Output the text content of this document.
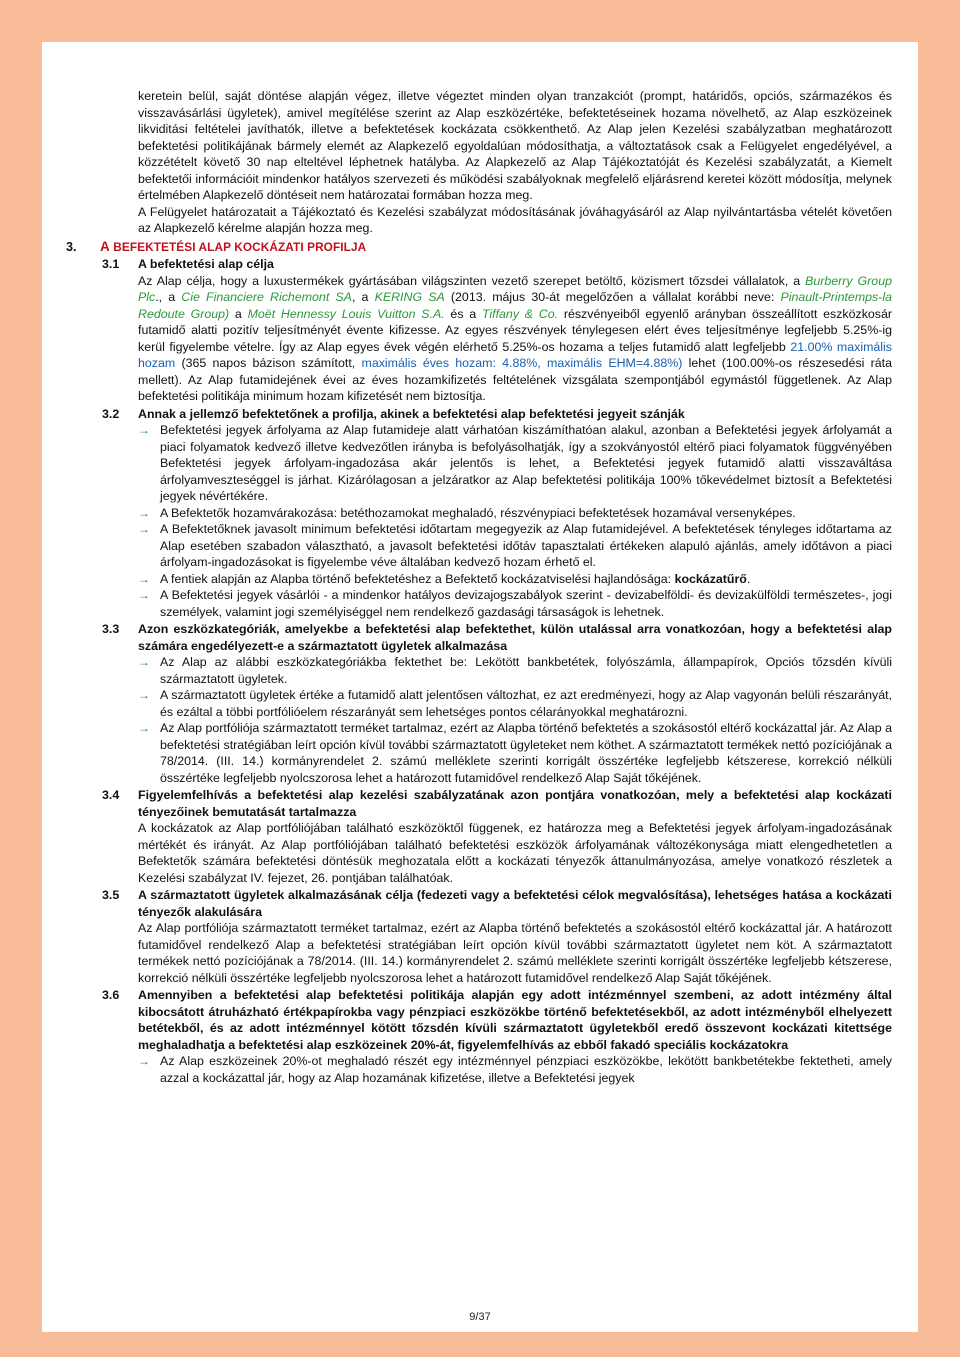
keretein belül, saját döntése alapján végez, illetve végeztet minden olyan tranzakciót (prompt, határidős, opciós, származékos és visszavásárlási ügyletek), amivel megítélése szerint az Alap eszközértéke, befektetéseinek hozama növelhető, az Alap eszközeinek likviditási feltételei javíthatók, illetve a befektetések kockázata csökkenthető. Az Alap jelen Kezelési szabályzatban meghatározott befektetési politikájának bármely elemét az Alapkezelő egyoldalúan módosíthatja, a változtatások csak a Felügyelet engedélyével, a közzétételt követő 30 nap elteltével léphetnek hatályba. Az Alapkezelő az Alap Tájékoztatóját és Kezelési szabályzatát, a Kiemelt befektetői információit mindenkor hatályos szervezeti és működési szabályoknak megfelelő eljárásrend keretei között módosítja, melynek értelmében Alapkezelő döntéseit nem határozatai formában hozza meg.

A Felügyelet határozatait a Tájékoztató és Kezelési szabályzat módosításának jóváhagyásáról az Alap nyilvántartásba vételét követően az Alapkezelő kérelme alapján hozza meg.

3. A BEFEKTETÉSI ALAP KOCKÁZATI PROFILJA
3.1 A befektetési alap célja

Az Alap célja, hogy a luxustermékek gyártásában világszinten vezető szerepet betöltő, közismert tőzsdei vállalatok, a Burberry Group Plc., a Cie Financiere Richemont SA, a KERING SA (2013. május 30-át megelőzően a vállalat korábbi neve: Pinault-Printemps-la Redoute Group) a Moët Hennessy Louis Vuitton S.A. és a Tiffany & Co. részvényeiből egyenlő arányban összeállított eszközkosár futamidő alatti pozitív teljesítményét évente kifizesse. Az egyes részvények ténylegesen elért éves teljesítménye legfeljebb 5.25%-ig kerül figyelembe vételre. Így az Alap egyes évek végén elérhető 5.25%-os hozama a teljes futamidő alatt legfeljebb 21.00% maximális hozam (365 napos bázison számított, maximális éves hozam: 4.88%, maximális EHM=4.88%) lehet (100.00%-os részesedési ráta mellett). Az Alap futamidejének évei az éves hozamkifizetés feltételének vizsgálata szempontjából egymástól függetlenek. Az Alap befektetési politikája minimum hozam kifizetését nem biztosítja.

3.2 Annak a jellemző befektetőnek a profilja, akinek a befektetési alap befektetési jegyeit szánják
→ Befektetési jegyek árfolyama az Alap futamideje alatt várhatóan kiszámíthatóan alakul, azonban a Befektetési jegyek árfolyamát a piaci folyamatok kedvező illetve kedvezőtlen irányba is befolyásolhatják, így a szokványostól eltérő piaci folyamatok függvényében Befektetési jegyek árfolyam-ingadozása akár jelentős is lehet, a Befektetési jegyek futamidő alatti visszaváltása árfolyamveszteséggel is járhat. Kizárólagosan a jelzáratkor az Alap befektetési politikája 100% tőkevédelmet biztosít a Befektetési jegyek névértékére.
→ A Befektetők hozamvárakozása: betéthozamokat meghaladó, részvénypiaci befektetések hozamával versenyképes.
→ A Befektetőknek javasolt minimum befektetési időtartam megegyezik az Alap futamidejével. A befektetések tényleges időtartama az Alap esetében szabadon választható, a javasolt befektetési időtáv tapasztalati értékeken alapuló ajánlás, amely időtávon a piaci árfolyam-ingadozásokat is figyelembe véve általában kedvező hozam érhető el.
→ A fentiek alapján az Alapba történő befektetéshez a Befektető kockázatviselési hajlandósága: kockázatűrő.
→ A Befektetési jegyek vásárlói - a mindenkor hatályos devizajogszabályok szerint - devizabelföldi- és devizakülföldi természetes-, jogi személyek, valamint jogi személyiséggel nem rendelkező gazdasági társaságok is lehetnek.
3.3 Azon eszközkategóriák, amelyekbe a befektetési alap befektethet, külön utalással arra vonatkozóan, hogy a befektetési alap számára engedélyezett-e a származtatott ügyletek alkalmazása
→ Az Alap az alábbi eszközkategóriákba fektethet be: Lekötött bankbetétek, folyószámla, állampapírok, Opciós tőzsdén kívüli származtatott ügyletek.
→ A származtatott ügyletek értéke a futamidő alatt jelentősen változhat, ez azt eredményezi, hogy az Alap vagyonán belüli részarányát, és ezáltal a többi portfólióelem részarányát sem lehetséges pontos célarányokkal meghatározni.
→ Az Alap portfóliója származtatott terméket tartalmaz, ezért az Alapba történő befektetés a szokásostól eltérő kockázattal jár. Az Alap a befektetési stratégiában leírt opción kívül további származtatott ügyleteket nem köthet. A származtatott termékek nettó pozíciójának a 78/2014. (III. 14.) kormányrendelet 2. számú melléklete szerinti korrigált összértéke legfeljebb kétszerese, korrekció nélküli összértéke legfeljebb nyolcszorosa lehet a határozott futamidővel rendelkező Alap Saját tőkéjének.
3.4 Figyelemfelhívás a befektetési alap kezelési szabályzatának azon pontjára vonatkozóan, mely a befektetési alap kockázati tényezőinek bemutatását tartalmazza

A kockázatok az Alap portfóliójában található eszközöktől függenek, ez határozza meg a Befektetési jegyek árfolyam-ingadozásának mértékét és irányát. Az Alap portfóliójában található befektetési eszközök árfolyamának változékonysága miatt elengedhetetlen a Befektetők számára befektetési döntésük meghozatala előtt a kockázati tényezők áttanulmányozása, amelye vonatkozó részletek a Kezelési szabályzat IV. fejezet, 26. pontjában találhatóak.

3.5 A származtatott ügyletek alkalmazásának célja (fedezeti vagy a befektetési célok megvalósítása), lehetséges hatása a kockázati tényezők alakulására

Az Alap portfóliója származtatott terméket tartalmaz, ezért az Alapba történő befektetés a szokásostól eltérő kockázattal jár. A határozott futamidővel rendelkező Alap a befektetési stratégiában leírt opción kívül további származtatott ügyletet nem köt. A származtatott termékek nettó pozíciójának a 78/2014. (III. 14.) kormányrendelet 2. számú melléklete szerinti korrigált összértéke legfeljebb kétszerese, korrekció nélküli összértéke legfeljebb nyolcszorosa lehet a határozott futamidővel rendelkező Alap Saját tőkéjének.

3.6 Amennyiben a befektetési alap befektetési politikája alapján egy adott intézménnyel szembeni, az adott intézmény által kibocsátott átruházható értékpapírokba vagy pénzpiaci eszközökbe történő befektetésekből, az adott intézményből elhelyezett betétekből, és az adott intézménnyel kötött tőzsdén kívüli származtatott ügyletekből eredő összevont kockázati kitettsége meghaladhatja a befektetési alap eszközeinek 20%-át, figyelemfelhívás az ebből fakadó speciális kockázatokra
→ Az Alap eszközeinek 20%-ot meghaladó részét egy intézménnyel pénzpiaci eszközökbe, lekötött bankbetétekbe fektetheti, amely azzal a kockázattal jár, hogy az Alap hozamának kifizetése, illetve a Befektetési jegyek
9/37
